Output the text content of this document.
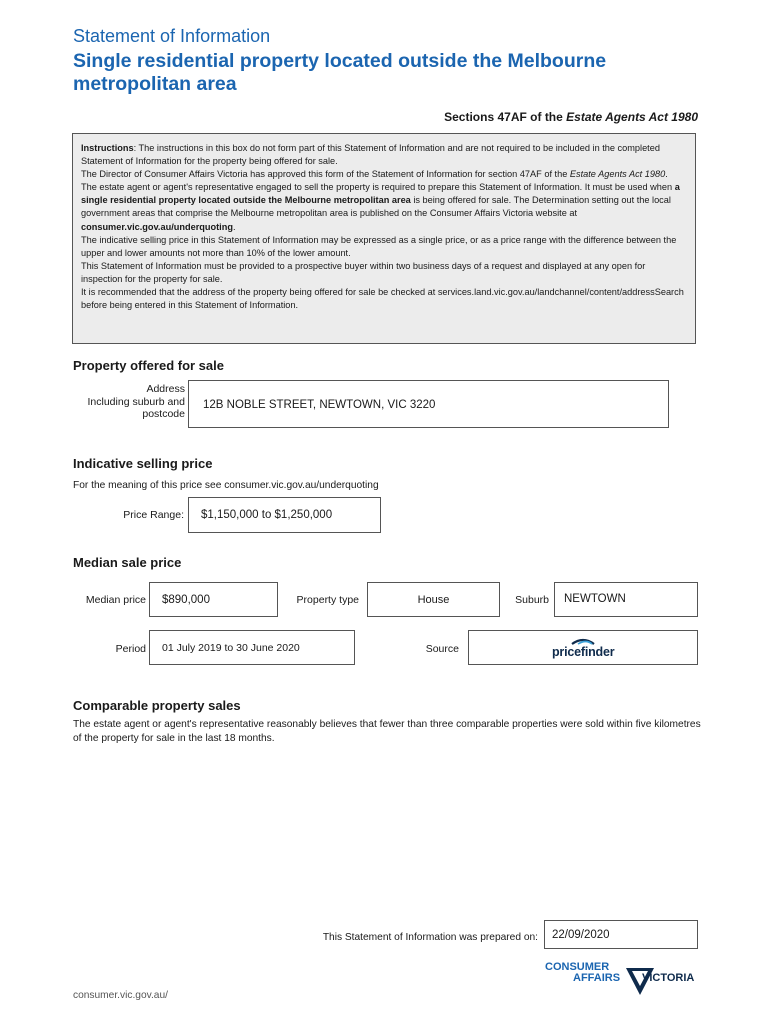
Statement of Information
Single residential property located outside the Melbourne metropolitan area
Sections 47AF of the Estate Agents Act 1980

Instructions: The instructions in this box do not form part of this Statement of Information and are not required to be included in the completed Statement of Information for the property being offered for sale.

The Director of Consumer Affairs Victoria has approved this form of the Statement of Information for section 47AF of the Estate Agents Act 1980.

The estate agent or agent's representative engaged to sell the property is required to prepare this Statement of Information. It must be used when a single residential property located outside the Melbourne metropolitan area is being offered for sale. The Determination setting out the local government areas that comprise the Melbourne metropolitan area is published on the Consumer Affairs Victoria website at consumer.vic.gov.au/underquoting.

The indicative selling price in this Statement of Information may be expressed as a single price, or as a price range with the difference between the upper and lower amounts not more than 10% of the lower amount.

This Statement of Information must be provided to a prospective buyer within two business days of a request and displayed at any open for inspection for the property for sale.

It is recommended that the address of the property being offered for sale be checked at services.land.vic.gov.au/landchannel/content/addressSearch before being entered in this Statement of Information.

Property offered for sale
Address
Including suburb and
postcode
12B NOBLE STREET, NEWTOWN, VIC 3220
Indicative selling price
For the meaning of this price see consumer.vic.gov.au/underquoting
Price Range: $1,150,000 to $1,250,000
Median sale price
Median price $890,000	Property type	House	Suburb NEWTOWN
Period 01 July 2019 to 30 June 2020	Source	pricefinder
Comparable property sales
The estate agent or agent's representative reasonably believes that fewer than three comparable properties were sold within five kilometres of the property for sale in the last 18 months.
This Statement of Information was prepared on: 22/09/2020
CONSUMER
AFFAIRS VICTORIA
consumer.vic.gov.au/
